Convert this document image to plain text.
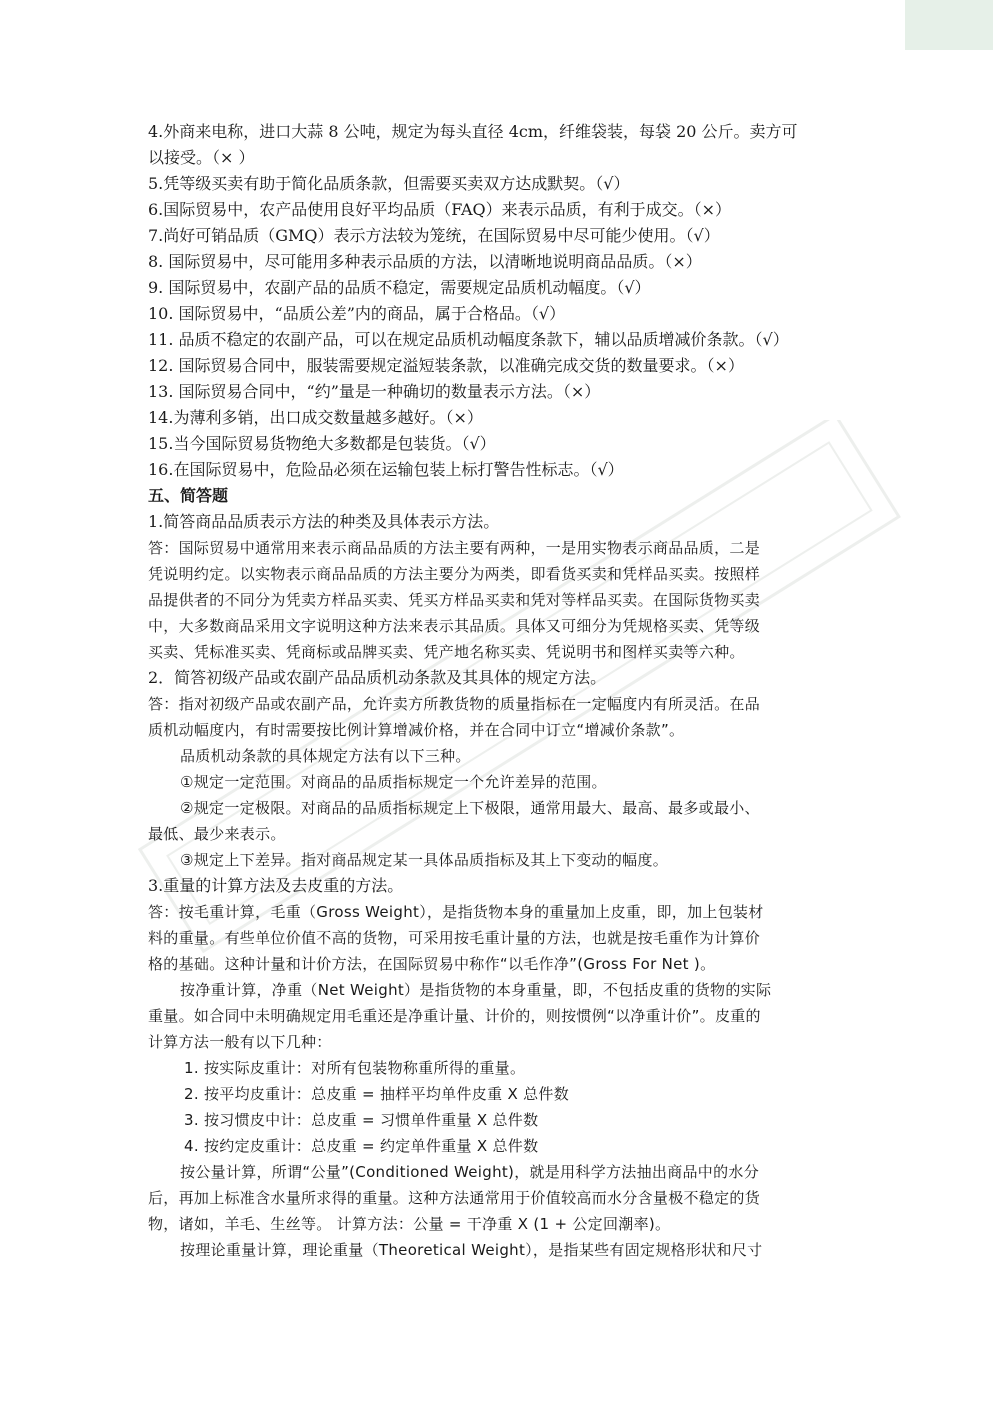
4.外商来电称，进口大蒜 8 公吨，规定为每头直径 4cm，纤维袋装，每袋 20 公斤。卖方可
以接受。（× ）
5.凭等级买卖有助于简化品质条款，但需要买卖双方达成默契。（√）
6.国际贸易中，农产品使用良好平均品质（FAQ）来表示品质，有利于成交。（×）
7.尚好可销品质（GMQ）表示方法较为笼统，在国际贸易中尽可能少使用。（√）
8. 国际贸易中，尽可能用多种表示品质的方法，以清晰地说明商品品质。（×）
9. 国际贸易中，农副产品的品质不稳定，需要规定品质机动幅度。（√）
10. 国际贸易中，“品质公差”内的商品，属于合格品。（√）
11. 品质不稳定的农副产品，可以在规定品质机动幅度条款下，辅以品质增减价条款。（√）
12. 国际贸易合同中，服装需要规定溢短装条款，以准确完成交货的数量要求。（×）
13. 国际贸易合同中，“约”量是一种确切的数量表示方法。（×）
14.为薄利多销，出口成交数量越多越好。（×）
15.当今国际贸易货物绝大多数都是包装货。（√）
16.在国际贸易中，危险品必须在运输包装上标打警告性标志。（√）
五、简答题
1.简答商品品质表示方法的种类及具体表示方法。
答：国际贸易中通常用来表示商品品质的方法主要有两种，一是用实物表示商品品质，二是
凭说明约定。以实物表示商品品质的方法主要分为两类，即看货买卖和凭样品买卖。按照样
品提供者的不同分为凭卖方样品买卖、凭买方样品买卖和凭对等样品买卖。在国际货物买卖
中，大多数商品采用文字说明这种方法来表示其品质。具体又可细分为凭规格买卖、凭等级
买卖、凭标准买卖、凭商标或品牌买卖、凭产地名称买卖、凭说明书和图样买卖等六种。
2．简答初级产品或农副产品品质机动条款及其具体的规定方法。
答：指对初级产品或农副产品，允许卖方所教货物的质量指标在一定幅度内有所灵活。在品
质机动幅度内，有时需要按比例计算增减价格，并在合同中订立“增减价条款”。
品质机动条款的具体规定方法有以下三种。
①规定一定范围。对商品的品质指标规定一个允许差异的范围。
②规定一定极限。对商品的品质指标规定上下极限，通常用最大、最高、最多或最小、
最低、最少来表示。
③规定上下差异。指对商品规定某一具体品质指标及其上下变动的幅度。
3.重量的计算方法及去皮重的方法。
答：按毛重计算，毛重（Gross Weight），是指货物本身的重量加上皮重，即，加上包装材
料的重量。有些单位价值不高的货物，可采用按毛重计量的方法，也就是按毛重作为计算价
格的基础。这种计量和计价方法，在国际贸易中称作“以毛作净”(Gross For Net )。
按净重计算，净重（Net Weight）是指货物的本身重量，即，不包括皮重的货物的实际
重量。如合同中未明确规定用毛重还是净重计量、计价的，则按惯例“以净重计价”。皮重的
计算方法一般有以下几种：
1. 按实际皮重计：对所有包装物称重所得的重量。
2. 按平均皮重计：总皮重 = 抽样平均单件皮重 X 总件数
3. 按习惯皮中计：总皮重 = 习惯单件重量 X 总件数
4. 按约定皮重计：总皮重 = 约定单件重量 X 总件数
按公量计算，所谓“公量”(Conditioned Weight)，就是用科学方法抽出商品中的水分
后，再加上标准含水量所求得的重量。这种方法通常用于价值较高而水分含量极不稳定的货
物，诸如，羊毛、生丝等。 计算方法：公量 = 干净重 X (1 + 公定回潮率)。
按理论重量计算，理论重量（Theoretical Weight），是指某些有固定规格形状和尺寸
